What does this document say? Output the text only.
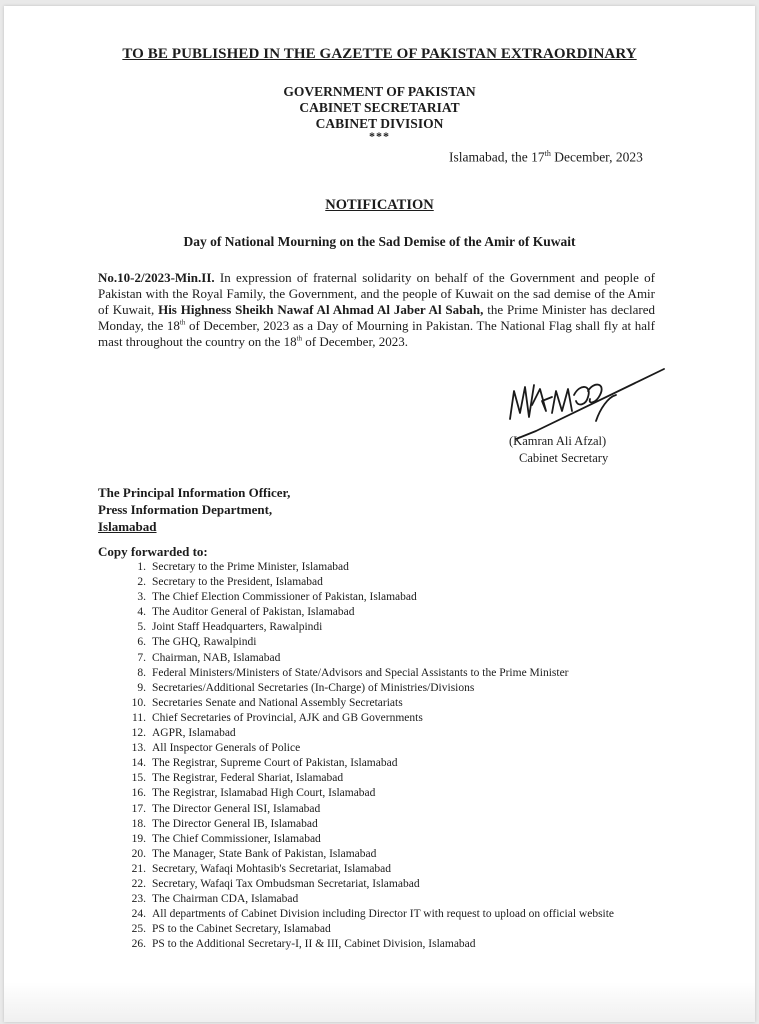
TO BE PUBLISHED IN THE GAZETTE OF PAKISTAN EXTRAORDINARY
GOVERNMENT OF PAKISTAN
CABINET SECRETARIAT
CABINET DIVISION
***
Islamabad, the 17th December, 2023
NOTIFICATION
Day of National Mourning on the Sad Demise of the Amir of Kuwait
No.10-2/2023-Min.II. In expression of fraternal solidarity on behalf of the Government and people of Pakistan with the Royal Family, the Government, and the people of Kuwait on the sad demise of the Amir of Kuwait, His Highness Sheikh Nawaf Al Ahmad Al Jaber Al Sabah, the Prime Minister has declared Monday, the 18th of December, 2023 as a Day of Mourning in Pakistan. The National Flag shall fly at half mast throughout the country on the 18th of December, 2023.
(Kamran Ali Afzal)
Cabinet Secretary
The Principal Information Officer,
Press Information Department,
Islamabad
Copy forwarded to:
1. Secretary to the Prime Minister, Islamabad
2. Secretary to the President, Islamabad
3. The Chief Election Commissioner of Pakistan, Islamabad
4. The Auditor General of Pakistan, Islamabad
5. Joint Staff Headquarters, Rawalpindi
6. The GHQ, Rawalpindi
7. Chairman, NAB, Islamabad
8. Federal Ministers/Ministers of State/Advisors and Special Assistants to the Prime Minister
9. Secretaries/Additional Secretaries (In-Charge) of Ministries/Divisions
10. Secretaries Senate and National Assembly Secretariats
11. Chief Secretaries of Provincial, AJK and GB Governments
12. AGPR, Islamabad
13. All Inspector Generals of Police
14. The Registrar, Supreme Court of Pakistan, Islamabad
15. The Registrar, Federal Shariat, Islamabad
16. The Registrar, Islamabad High Court, Islamabad
17. The Director General ISI, Islamabad
18. The Director General IB, Islamabad
19. The Chief Commissioner, Islamabad
20. The Manager, State Bank of Pakistan, Islamabad
21. Secretary, Wafaqi Mohtasib's Secretariat, Islamabad
22. Secretary, Wafaqi Tax Ombudsman Secretariat, Islamabad
23. The Chairman CDA, Islamabad
24. All departments of Cabinet Division including Director IT with request to upload on official website
25. PS to the Cabinet Secretary, Islamabad
26. PS to the Additional Secretary-I, II & III, Cabinet Division, Islamabad
